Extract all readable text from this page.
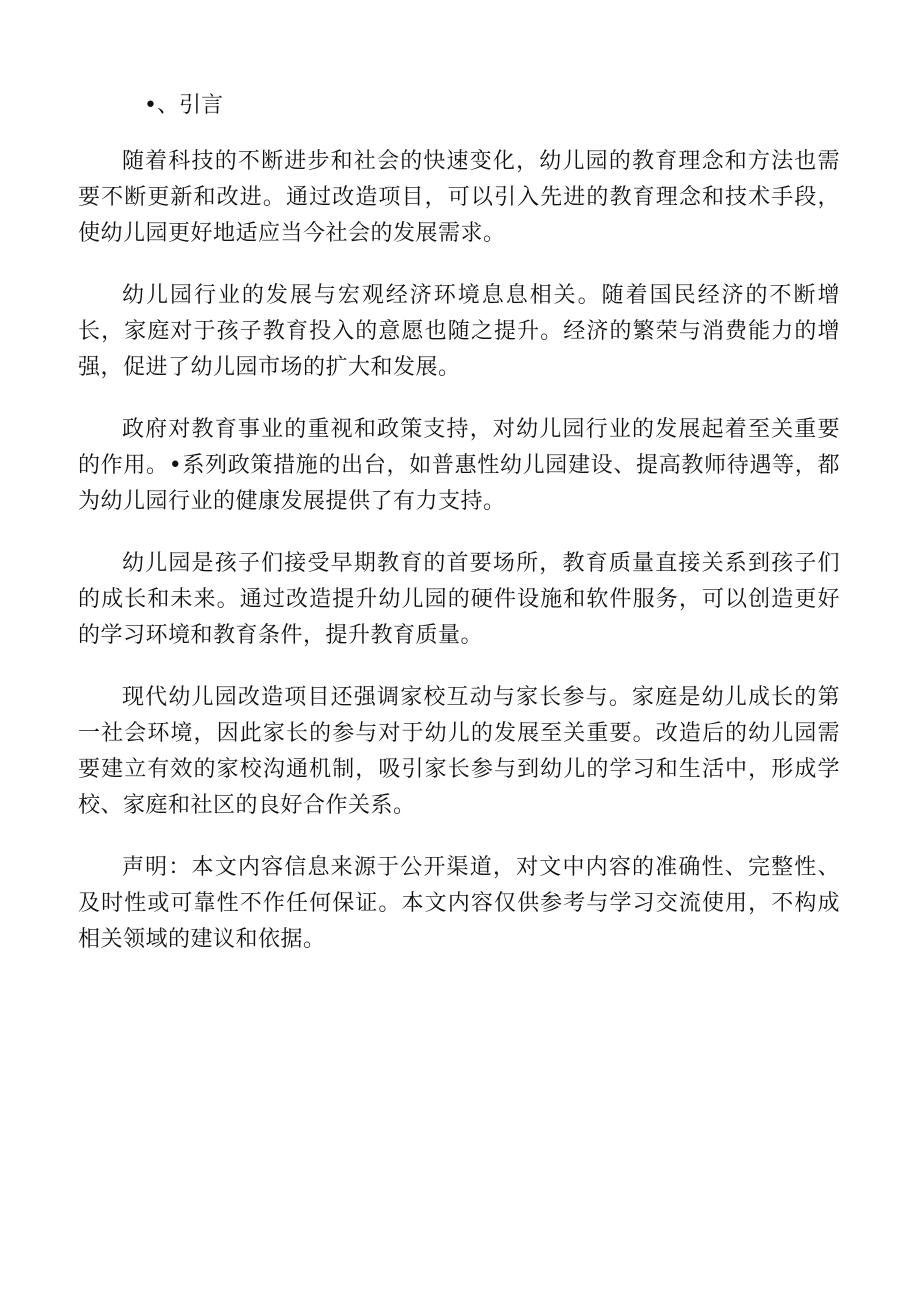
•、引言

随着科技的不断进步和社会的快速变化，幼儿园的教育理念和方法也需要不断更新和改进。通过改造项目，可以引入先进的教育理念和技术手段，使幼儿园更好地适应当今社会的发展需求。

幼儿园行业的发展与宏观经济环境息息相关。随着国民经济的不断增长，家庭对于孩子教育投入的意愿也随之提升。经济的繁荣与消费能力的增强，促进了幼儿园市场的扩大和发展。

政府对教育事业的重视和政策支持，对幼儿园行业的发展起着至关重要的作用。•系列政策措施的出台，如普惠性幼儿园建设、提高教师待遇等，都为幼儿园行业的健康发展提供了有力支持。

幼儿园是孩子们接受早期教育的首要场所，教育质量直接关系到孩子们的成长和未来。通过改造提升幼儿园的硬件设施和软件服务，可以创造更好的学习环境和教育条件，提升教育质量。

现代幼儿园改造项目还强调家校互动与家长参与。家庭是幼儿成长的第一社会环境，因此家长的参与对于幼儿的发展至关重要。改造后的幼儿园需要建立有效的家校沟通机制，吸引家长参与到幼儿的学习和生活中，形成学校、家庭和社区的良好合作关系。

声明：本文内容信息来源于公开渠道，对文中内容的准确性、完整性、及时性或可靠性不作任何保证。本文内容仅供参考与学习交流使用，不构成相关领域的建议和依据。
